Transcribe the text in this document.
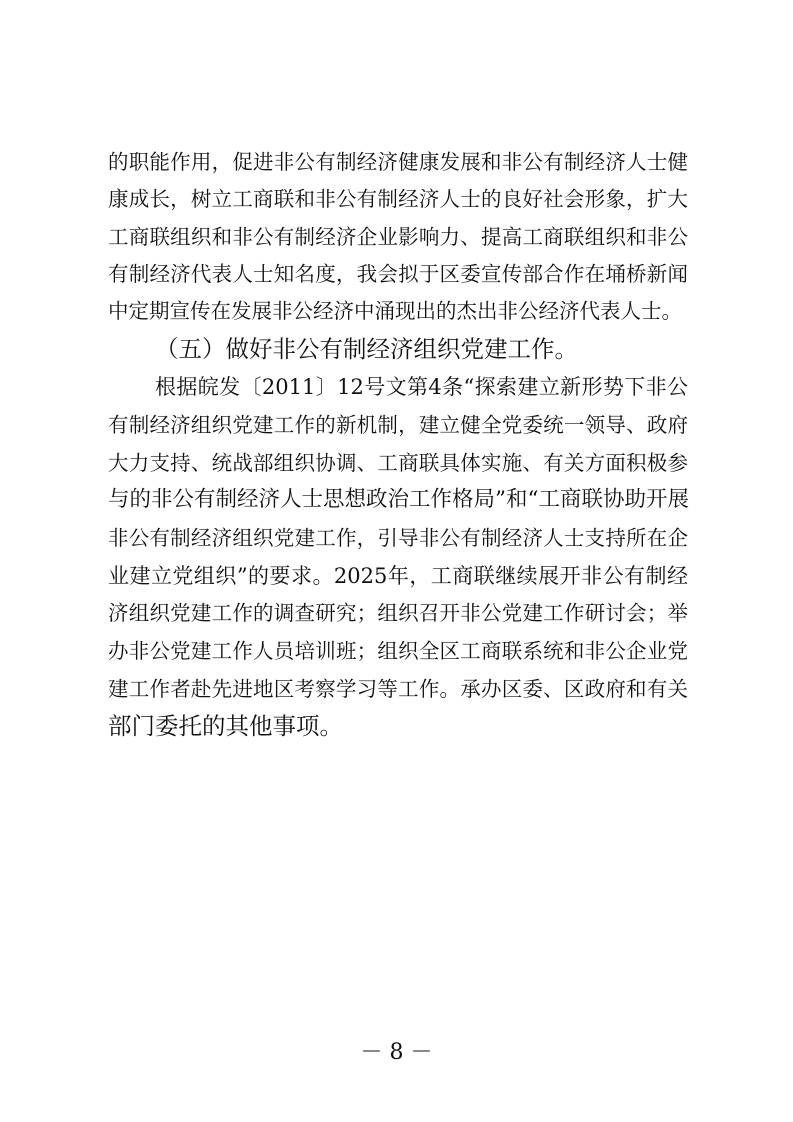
的职能作用，促进非公有制经济健康发展和非公有制经济人士健
康成长，树立工商联和非公有制经济人士的良好社会形象，扩大
工商联组织和非公有制经济企业影响力、提高工商联组织和非公
有制经济代表人士知名度，我会拟于区委宣传部合作在埇桥新闻
中定期宣传在发展非公经济中涌现出的杰出非公经济代表人士。
（五）做好非公有制经济组织党建工作。
根据皖发〔2011〕12号文第4条“探索建立新形势下非公
有制经济组织党建工作的新机制，建立健全党委统一领导、政府
大力支持、统战部组织协调、工商联具体实施、有关方面积极参
与的非公有制经济人士思想政治工作格局”和“工商联协助开展
非公有制经济组织党建工作，引导非公有制经济人士支持所在企
业建立党组织”的要求。2025年，工商联继续展开非公有制经
济组织党建工作的调查研究；组织召开非公党建工作研讨会；举
办非公党建工作人员培训班；组织全区工商联系统和非公企业党
建工作者赴先进地区考察学习等工作。承办区委、区政府和有关
部门委托的其他事项。
－ 8 －
